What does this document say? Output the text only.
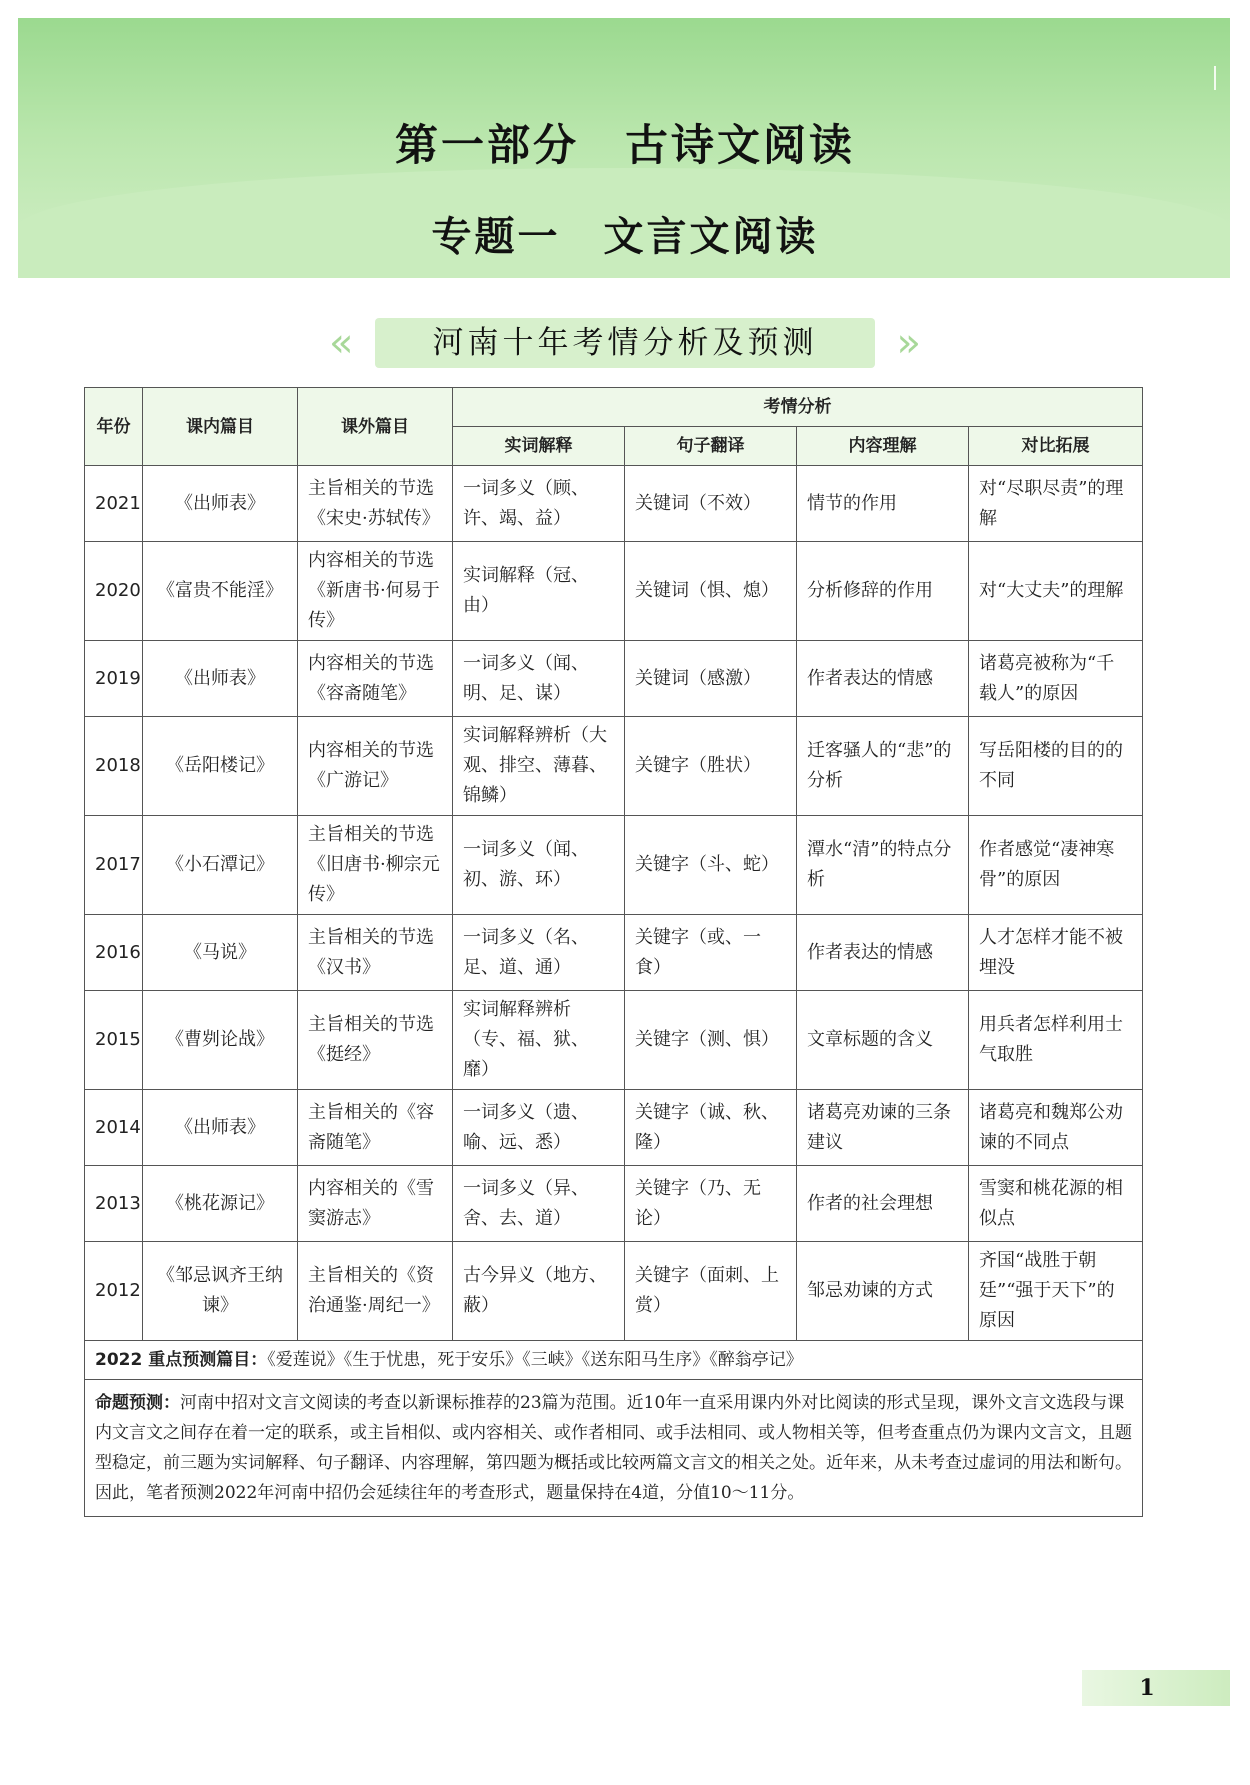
第一部分　古诗文阅读
专题一　文言文阅读
«	»
河南十年考情分析及预测
年份	课内篇目	课外篇目	考情分析			
			实词解释	句子翻译	内容理解	对比拓展
2021	《出师表》	主旨相关的节选《宋史·苏轼传》	一词多义（顾、许、竭、益）	关键词（不效）	情节的作用	对“尽职尽责”的理解
2020	《富贵不能淫》	内容相关的节选《新唐书·何易于传》	实词解释（冠、由）	关键词（惧、熄）	分析修辞的作用	对“大丈夫”的理解
2019	《出师表》	内容相关的节选《容斋随笔》	一词多义（闻、明、足、谋）	关键词（感激）	作者表达的情感	诸葛亮被称为“千载人”的原因
2018	《岳阳楼记》	内容相关的节选《广游记》	实词解释辨析（大观、排空、薄暮、锦鳞）	关键字（胜状）	迁客骚人的“悲”的分析	写岳阳楼的目的的不同
2017	《小石潭记》	主旨相关的节选《旧唐书·柳宗元传》	一词多义（闻、初、游、环）	关键字（斗、蛇）	潭水“清”的特点分析	作者感觉“凄神寒骨”的原因
2016	《马说》	主旨相关的节选《汉书》	一词多义（名、足、道、通）	关键字（或、一食）	作者表达的情感	人才怎样才能不被埋没
2015	《曹刿论战》	主旨相关的节选《挺经》	实词解释辨析（专、福、狱、靡）	关键字（测、惧）	文章标题的含义	用兵者怎样利用士气取胜
2014	《出师表》	主旨相关的《容斋随笔》	一词多义（遗、喻、远、悉）	关键字（诚、秋、隆）	诸葛亮劝谏的三条建议	诸葛亮和魏郑公劝谏的不同点
2013	《桃花源记》	内容相关的《雪窦游志》	一词多义（异、舍、去、道）	关键字（乃、无论）	作者的社会理想	雪窦和桃花源的相似点
2012	《邹忌讽齐王纳谏》	主旨相关的《资治通鉴·周纪一》	古今异义（地方、蔽）	关键字（面刺、上赏）	邹忌劝谏的方式	齐国“战胜于朝廷”“强于天下”的原因
2022 重点预测篇目：《爱莲说》《生于忧患，死于安乐》《三峡》《送东阳马生序》《醉翁亭记》						
命题预测：河南中招对文言文阅读的考查以新课标推荐的23篇为范围。近10年一直采用课内外对比阅读的形式呈现，课外文言文选段与课内文言文之间存在着一定的联系，或主旨相似、或内容相关、或作者相同、或手法相同、或人物相关等，但考查重点仍为课内文言文，且题型稳定，前三题为实词解释、句子翻译、内容理解，第四题为概括或比较两篇文言文的相关之处。近年来，从未考查过虚词的用法和断句。因此，笔者预测2022年河南中招仍会延续往年的考查形式，题量保持在4道，分值10～11分。						
1
